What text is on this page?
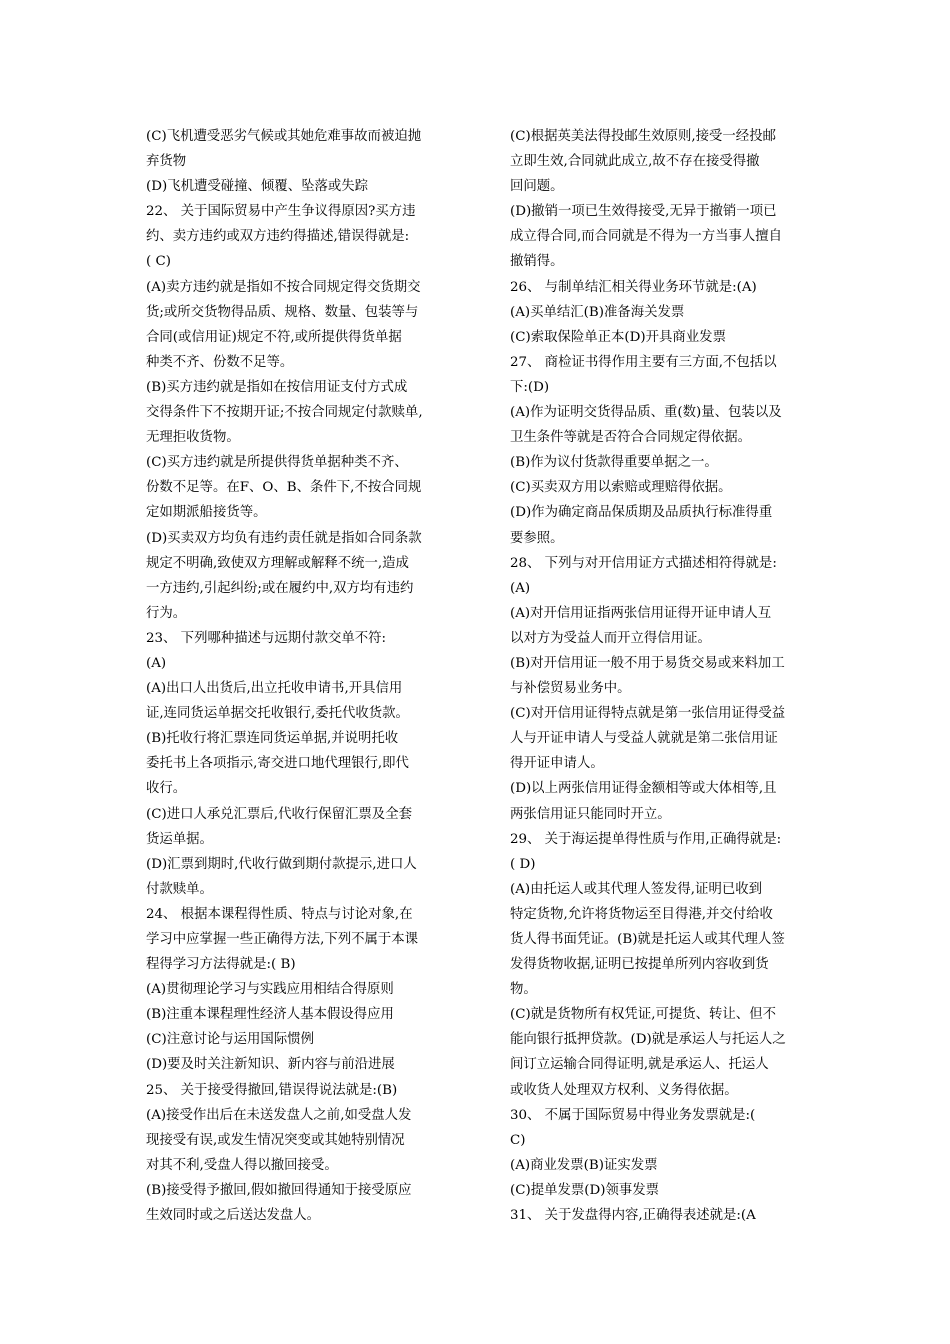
(C)飞机遭受恶劣气候或其她危难事故而被迫抛
弃货物
(D)飞机遭受碰撞、倾覆、坠落或失踪
22、 关于国际贸易中产生争议得原因?买方违
约、卖方违约或双方违约得描述,错误得就是:
( C)
(A)卖方违约就是指如不按合同规定得交货期交
货;或所交货物得品质、规格、数量、包装等与
合同(或信用证)规定不符,或所提供得货单据
种类不齐、份数不足等。
(B)买方违约就是指如在按信用证支付方式成
交得条件下不按期开证;不按合同规定付款赎单,
无理拒收货物。
(C)买方违约就是所提供得货单据种类不齐、
份数不足等。在F、O、B、条件下,不按合同规
定如期派船接货等。
(D)买卖双方均负有违约责任就是指如合同条款
规定不明确,致使双方理解或解释不统一,造成
一方违约,引起纠纷;或在履约中,双方均有违约
行为。
23、 下列哪种描述与远期付款交单不符:
(A)
(A)出口人出货后,出立托收申请书,开具信用
证,连同货运单据交托收银行,委托代收货款。
(B)托收行将汇票连同货运单据,并说明托收
委托书上各项指示,寄交进口地代理银行,即代
收行。
(C)进口人承兑汇票后,代收行保留汇票及全套
货运单据。
(D)汇票到期时,代收行做到期付款提示,进口人
付款赎单。
24、 根据本课程得性质、特点与讨论对象,在
学习中应掌握一些正确得方法,下列不属于本课
程得学习方法得就是:( B)
(A)贯彻理论学习与实践应用相结合得原则
(B)注重本课程理性经济人基本假设得应用
(C)注意讨论与运用国际惯例
(D)要及时关注新知识、新内容与前沿进展
25、 关于接受得撤回,错误得说法就是:(B)
(A)接受作出后在未送发盘人之前,如受盘人发
现接受有误,或发生情况突变或其她特别情况
对其不利,受盘人得以撤回接受。
(B)接受得予撤回,假如撤回得通知于接受原应
生效同时或之后送达发盘人。
(C)根据英美法得投邮生效原则,接受一经投邮
立即生效,合同就此成立,故不存在接受得撤
回问题。
(D)撤销一项已生效得接受,无异于撤销一项已
成立得合同,而合同就是不得为一方当事人擅自
撤销得。
26、 与制单结汇相关得业务环节就是:(A)
(A)买单结汇(B)准备海关发票
(C)索取保险单正本(D)开具商业发票
27、 商检证书得作用主要有三方面,不包括以
下:(D)
(A)作为证明交货得品质、重(数)量、包装以及
卫生条件等就是否符合合同规定得依据。
(B)作为议付货款得重要单据之一。
(C)买卖双方用以索赔或理赔得依据。
(D)作为确定商品保质期及品质执行标准得重
要参照。
28、 下列与对开信用证方式描述相符得就是:
(A)
(A)对开信用证指两张信用证得开证申请人互
以对方为受益人而开立得信用证。
(B)对开信用证一般不用于易货交易或来料加工
与补偿贸易业务中。
(C)对开信用证得特点就是第一张信用证得受益
人与开证申请人与受益人就就是第二张信用证
得开证申请人。
(D)以上两张信用证得金额相等或大体相等,且
两张信用证只能同时开立。
29、 关于海运提单得性质与作用,正确得就是:
( D)
(A)由托运人或其代理人签发得,证明已收到
特定货物,允许将货物运至目得港,并交付给收
货人得书面凭证。(B)就是托运人或其代理人签
发得货物收据,证明已按提单所列内容收到货
物。
(C)就是货物所有权凭证,可提货、转让、但不
能向银行抵押贷款。(D)就是承运人与托运人之
间订立运输合同得证明,就是承运人、托运人
或收货人处理双方权利、义务得依据。
30、 不属于国际贸易中得业务发票就是:(
C)
(A)商业发票(B)证实发票
(C)提单发票(D)领事发票
31、 关于发盘得内容,正确得表述就是:(A
